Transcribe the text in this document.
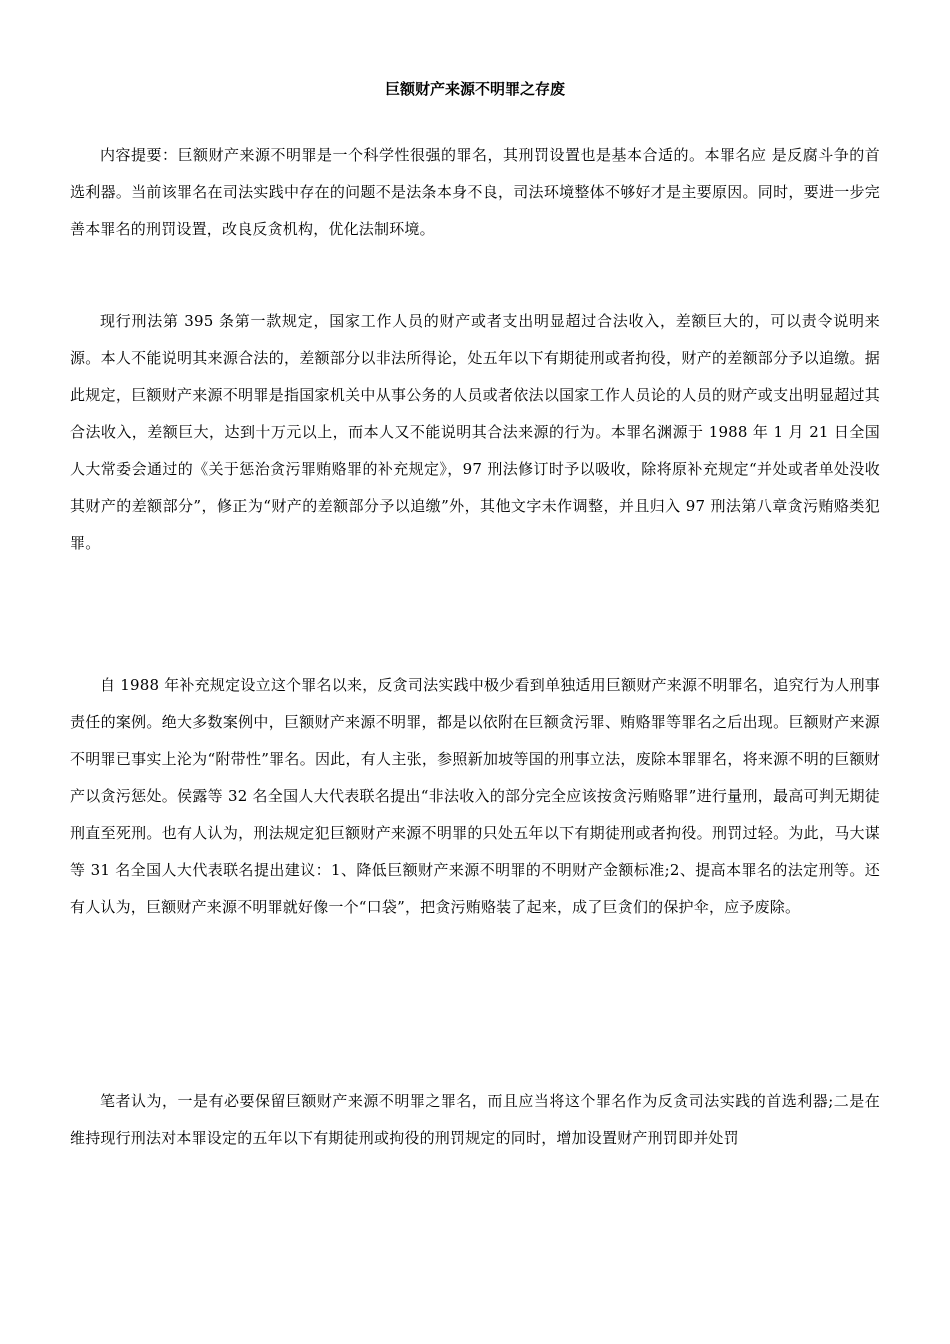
巨额财产来源不明罪之存废

内容提要：巨额财产来源不明罪是一个科学性很强的罪名，其刑罚设置也是基本合适的。本罪名应 是反腐斗争的首选利器。当前该罪名在司法实践中存在的问题不是法条本身不良，司法环境整体不够好才是主要原因。同时，要进一步完善本罪名的刑罚设置，改良反贪机构，优化法制环境。

现行刑法第 395 条第一款规定，国家工作人员的财产或者支出明显超过合法收入，差额巨大的，可以责令说明来源。本人不能说明其来源合法的，差额部分以非法所得论，处五年以下有期徒刑或者拘役，财产的差额部分予以追缴。据此规定，巨额财产来源不明罪是指国家机关中从事公务的人员或者依法以国家工作人员论的人员的财产或支出明显超过其合法收入，差额巨大，达到十万元以上，而本人又不能说明其合法来源的行为。本罪名渊源于 1988 年 1 月 21 日全国人大常委会通过的《关于惩治贪污罪贿赂罪的补充规定》，97 刑法修订时予以吸收，除将原补充规定“并处或者单处没收其财产的差额部分”，修正为“财产的差额部分予以追缴”外，其他文字未作调整，并且归入 97 刑法第八章贪污贿赂类犯罪。

自 1988 年补充规定设立这个罪名以来，反贪司法实践中极少看到单独适用巨额财产来源不明罪名，追究行为人刑事责任的案例。绝大多数案例中，巨额财产来源不明罪，都是以依附在巨额贪污罪、贿赂罪等罪名之后出现。巨额财产来源不明罪已事实上沦为“附带性”罪名。因此，有人主张，参照新加坡等国的刑事立法，废除本罪罪名，将来源不明的巨额财产以贪污惩处。侯露等 32 名全国人大代表联名提出“非法收入的部分完全应该按贪污贿赂罪”进行量刑，最高可判无期徒刑直至死刑。也有人认为，刑法规定犯巨额财产来源不明罪的只处五年以下有期徒刑或者拘役。刑罚过轻。为此，马大谋等 31 名全国人大代表联名提出建议：1、降低巨额财产来源不明罪的不明财产金额标准;2、提高本罪名的法定刑等。还有人认为，巨额财产来源不明罪就好像一个“口袋”，把贪污贿赂装了起来，成了巨贪们的保护伞，应予废除。

笔者认为，一是有必要保留巨额财产来源不明罪之罪名，而且应当将这个罪名作为反贪司法实践的首选利器;二是在维持现行刑法对本罪设定的五年以下有期徒刑或拘役的刑罚规定的同时，增加设置财产刑罚即并处罚
